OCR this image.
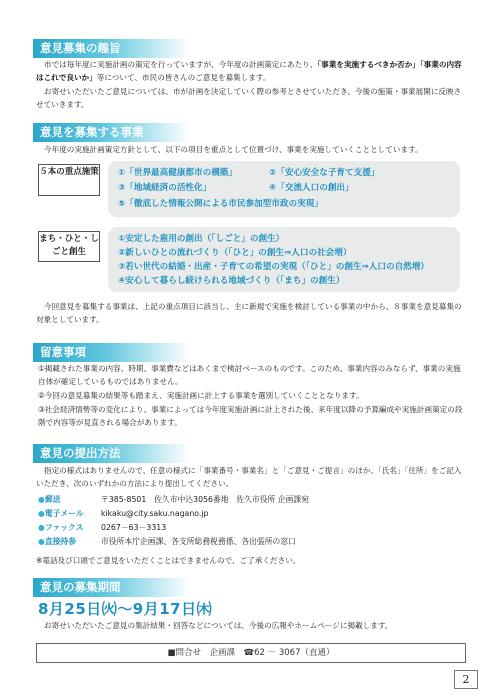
意見募集の趣旨
市では毎年度に実施計画の策定を行っていますが、今年度の計画策定にあたり、「事業を実施するべきか否か」「事業の内容はこれで良いか」等について、市民の皆さんのご意見を募集します。
お寄せいただいたご意見については、市が計画を決定していく際の参考とさせていただき、今後の施策・事業展開に反映させていきます。
意見を募集する事業
今年度の実施計画策定方針として、以下の項目を重点として位置づけ、事業を実施していくこととしています。
５本の重点施策 ①「世界最高健康都市の構築」	②「安心安全な子育て支援」
③「地域経済の活性化」	④「交流人口の創出」
⑤「徹底した情報公開による市民参加型市政の実現」
まち・ひと・しごと創生
①安定した雇用の創出（「しごと」の創生）
②新しいひとの流れづくり（「ひと」の創生⇒人口の社会増）
③若い世代の結婚・出産・子育ての希望の実現（「ひと」の創生⇒人口の自然増）
④安心して暮らし続けられる地域づくり（「まち」の創生）
今回意見を募集する事業は、上記の重点項目に該当し、主に新規で実施を検討している事業の中から、８事業を意見募集の対象としています。
留意事項
①掲載された事業の内容、時期、事業費などはあくまで検討ベースのものです。このため、事業内容のみならず、事業の実施自体が確定しているものではありません。
②今回の意見募集の結果等も踏まえ、実施計画に計上する事業を選別していくこととなります。
③社会経済情勢等の変化により、事業によっては今年度実施計画に計上された後、来年度以降の予算編成や実施計画策定の段階で内容等が見直される場合があります。
意見の提出方法
指定の様式はありませんので、任意の様式に「事業番号・事業名」と「ご意見・ご提言」のほか、「氏名」「住所」をご記入いただき、次のいずれかの方法により提出してください。
●郵送	〒385-8501　佐久市中込3056番地　佐久市役所 企画課宛
●電子メール kikaku@city.saku.nagano.jp
●ファックス 0267－63－3313
●直接持参	市役所本庁企画課、各支所総務税務係、各出張所の窓口
※電話及び口頭でご意見をいただくことはできませんので、ご了承ください。
意見の募集期間
8月25日㈫～9月17日㈭
お寄せいただいたご意見の集計結果・回答などについては、今後の広報やホームページに掲載します。
■問合せ　企画課　☎62 － 3067（直通）
2
